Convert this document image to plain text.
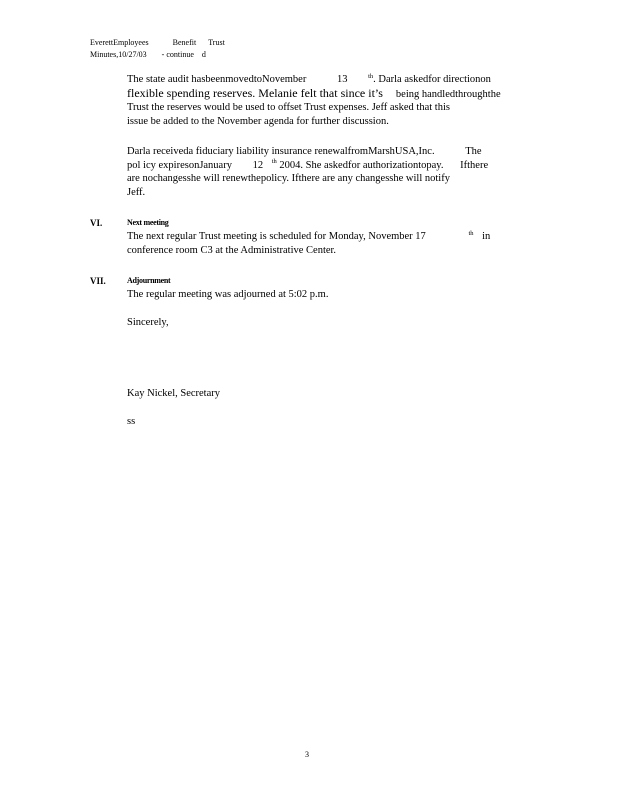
EverettEmployees	Benefit Trust
Minutes,10/27/03 - continue d
The state audit hasbeenmovedtoNovember	13	$^{th}$. Darla askedfor directionon
flexible spending reserves. Melanie felt that since it’s being handledthroughthe
Trust the reserves would be used to offset Trust expenses. Jeff asked that this
issue be added to the November agenda for further discussion.
Darla receiveda fiduciary liability insurance renewalfromMarshUSA,Inc.	The
pol icy expiresonJanuary 12 $^{th}$ 2004. She askedfor authorizationtopay. Ifthere
are nochangesshe will renewthepolicy. Ifthere are any changesshe will notify
Jeff.
VI.	Next meeting
The next regular Trust meeting is scheduled for Monday, November 17	$^{th}$ in
conference room C3 at the Administrative Center.
VII.	Adjournment
The regular meeting was adjourned at 5:02 p.m.
Sincerely,
Kay Nickel, Secretary
ss
3
